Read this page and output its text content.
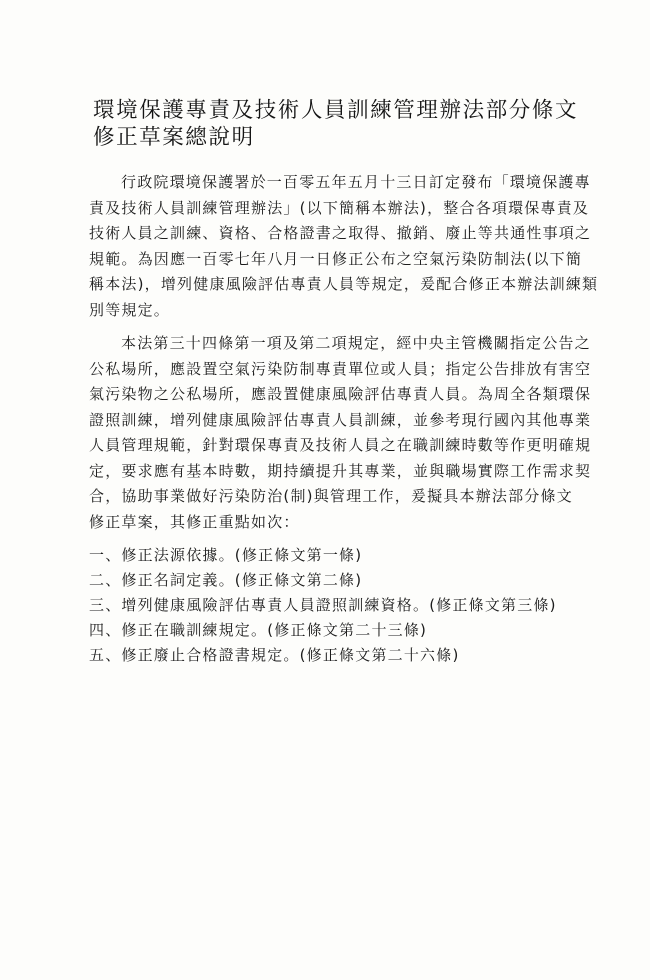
環境保護專責及技術人員訓練管理辦法部分條文
修正草案總說明
行政院環境保護署於一百零五年五月十三日訂定發布「環境保護專
責及技術人員訓練管理辦法」(以下簡稱本辦法)，整合各項環保專責及
技術人員之訓練、資格、合格證書之取得、撤銷、廢止等共通性事項之
規範。為因應一百零七年八月一日修正公布之空氣污染防制法(以下簡
稱本法)，增列健康風險評估專責人員等規定，爰配合修正本辦法訓練類
別等規定。
本法第三十四條第一項及第二項規定，經中央主管機關指定公告之
公私場所，應設置空氣污染防制專責單位或人員；指定公告排放有害空
氣污染物之公私場所，應設置健康風險評估專責人員。為周全各類環保
證照訓練，增列健康風險評估專責人員訓練，並參考現行國內其他專業
人員管理規範，針對環保專責及技術人員之在職訓練時數等作更明確規
定，要求應有基本時數，期持續提升其專業，並與職場實際工作需求契
合，協助事業做好污染防治(制)與管理工作，爰擬具本辦法部分條文
修正草案，其修正重點如次：
一、修正法源依據。(修正條文第一條)
二、修正名詞定義。(修正條文第二條)
三、增列健康風險評估專責人員證照訓練資格。(修正條文第三條)
四、修正在職訓練規定。(修正條文第二十三條)
五、修正廢止合格證書規定。(修正條文第二十六條)
